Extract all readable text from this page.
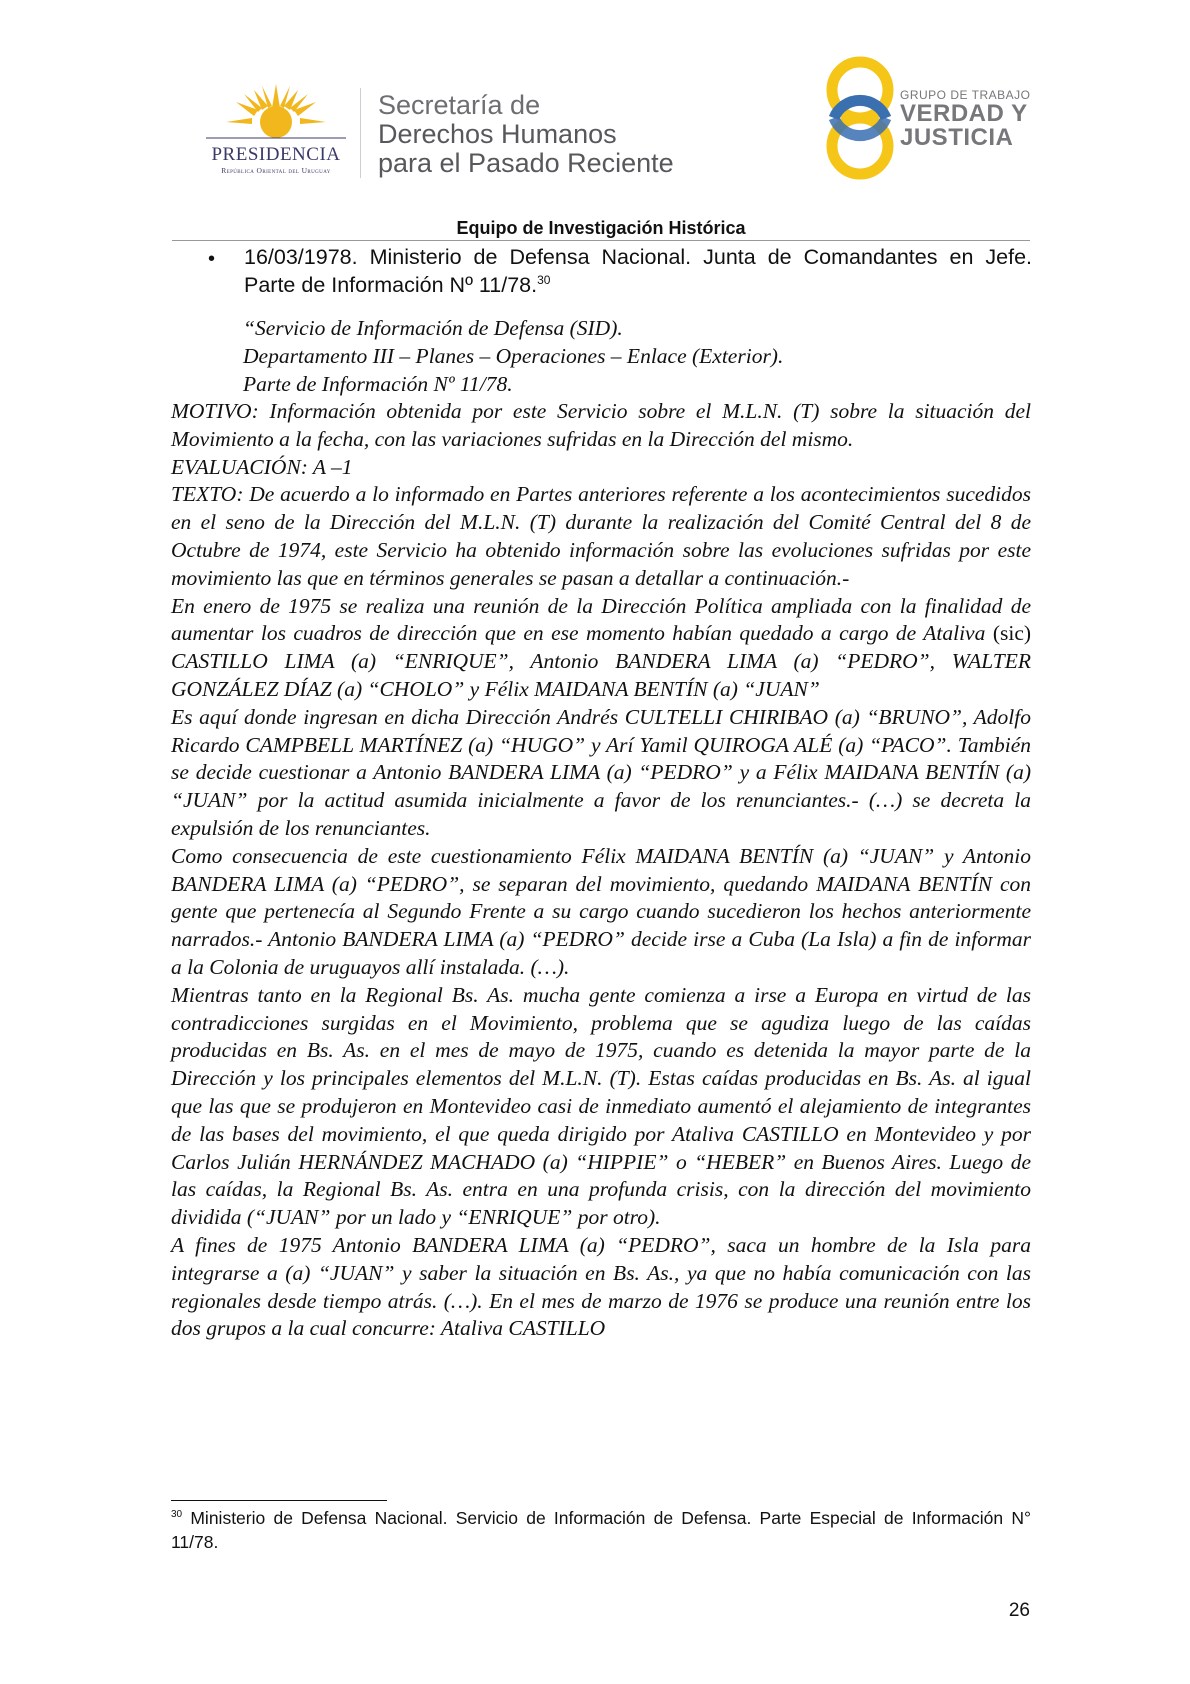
PRESIDENCIA
República Oriental del Uruguay
Secretaría de
Derechos Humanos
para el Pasado Reciente
GRUPO DE TRABAJO
VERDAD Y
JUSTICIA
Equipo de Investigación Histórica
• 16/03/1978. Ministerio de Defensa Nacional. Junta de Comandantes en Jefe. Parte de Información Nº 11/78.30
“Servicio de Información de Defensa (SID).
Departamento III – Planes – Operaciones – Enlace (Exterior).
Parte de Información Nº 11/78.

MOTIVO: Información obtenida por este Servicio sobre el M.L.N. (T) sobre la situación del Movimiento a la fecha, con las variaciones sufridas en la Dirección del mismo.

EVALUACIÓN: A –1

TEXTO: De acuerdo a lo informado en Partes anteriores referente a los acontecimientos sucedidos en el seno de la Dirección del M.L.N. (T) durante la realización del Comité Central del 8 de Octubre de 1974, este Servicio ha obtenido información sobre las evoluciones sufridas por este movimiento las que en términos generales se pasan a detallar a continuación.-

En enero de 1975 se realiza una reunión de la Dirección Política ampliada con la finalidad de aumentar los cuadros de dirección que en ese momento habían quedado a cargo de Ataliva (sic) CASTILLO LIMA (a) “ENRIQUE”, Antonio BANDERA LIMA (a) “PEDRO”, WALTER GONZÁLEZ DÍAZ (a) “CHOLO” y Félix MAIDANA BENTÍN (a) “JUAN”

Es aquí donde ingresan en dicha Dirección Andrés CULTELLI CHIRIBAO (a) “BRUNO”, Adolfo Ricardo CAMPBELL MARTÍNEZ (a) “HUGO” y Arí Yamil QUIROGA ALÉ (a) “PACO”. También se decide cuestionar a Antonio BANDERA LIMA (a) “PEDRO” y a Félix MAIDANA BENTÍN (a) “JUAN” por la actitud asumida inicialmente a favor de los renunciantes.- (…) se decreta la expulsión de los renunciantes.

Como consecuencia de este cuestionamiento Félix MAIDANA BENTÍN (a) “JUAN” y Antonio BANDERA LIMA (a) “PEDRO”, se separan del movimiento, quedando MAIDANA BENTÍN con gente que pertenecía al Segundo Frente a su cargo cuando sucedieron los hechos anteriormente narrados.- Antonio BANDERA LIMA (a) “PEDRO” decide irse a Cuba (La Isla) a fin de informar a la Colonia de uruguayos allí instalada. (…).

Mientras tanto en la Regional Bs. As. mucha gente comienza a irse a Europa en virtud de las contradicciones surgidas en el Movimiento, problema que se agudiza luego de las caídas producidas en Bs. As. en el mes de mayo de 1975, cuando es detenida la mayor parte de la Dirección y los principales elementos del M.L.N. (T). Estas caídas producidas en Bs. As. al igual que las que se produjeron en Montevideo casi de inmediato aumentó el alejamiento de integrantes de las bases del movimiento, el que queda dirigido por Ataliva CASTILLO en Montevideo y por Carlos Julián HERNÁNDEZ MACHADO (a) “HIPPIE” o “HEBER” en Buenos Aires. Luego de las caídas, la Regional Bs. As. entra en una profunda crisis, con la dirección del movimiento dividida (“JUAN” por un lado y “ENRIQUE” por otro).

A fines de 1975 Antonio BANDERA LIMA (a) “PEDRO”, saca un hombre de la Isla para integrarse a (a) “JUAN” y saber la situación en Bs. As., ya que no había comunicación con las regionales desde tiempo atrás. (…). En el mes de marzo de 1976 se produce una reunión entre los dos grupos a la cual concurre: Ataliva CASTILLO

$^{30}$ Ministerio de Defensa Nacional. Servicio de Información de Defensa. Parte Especial de Información N° 11/78.
26
